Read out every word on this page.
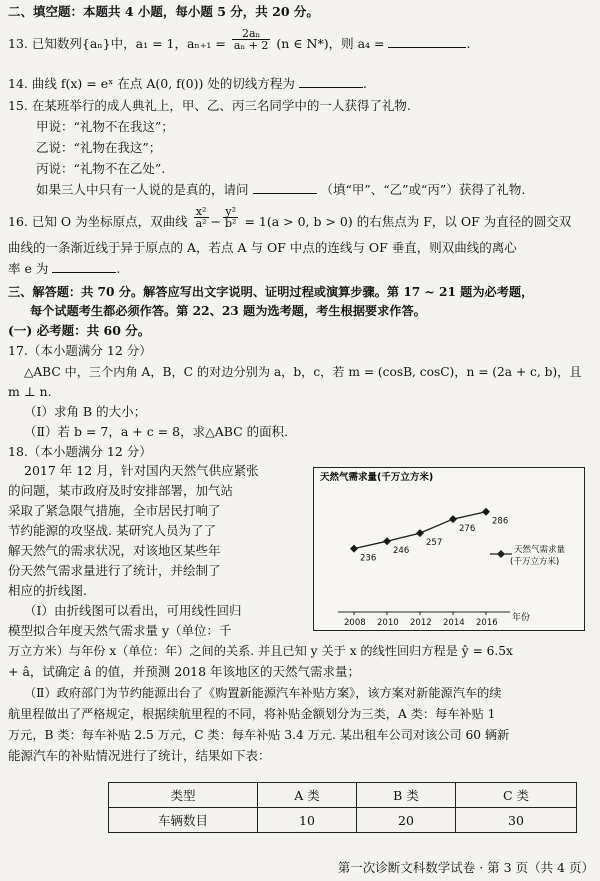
二、填空题：本题共 4 小题，每小题 5 分，共 20 分。
13. 已知数列{aₙ}中，a₁ = 1，$a_{n+1} = \frac{\text{2aₙ}}{\text{aₙ + 2}} (n$ ∈ N*)，则 a₄ =	.
14. 曲线 f(x) = eˣ 在点 A(0, f(0)) 处的切线方程为	.
15. 在某班举行的成人典礼上，甲、乙、丙三名同学中的一人获得了礼物.
甲说：“礼物不在我这”；
乙说：“礼物在我这”；
丙说：“礼物不在乙处”.
如果三人中只有一人说的是真的，请问	（填“甲”、“乙”或“丙”）获得了礼物.
16. 已知 O 为坐标原点，双曲线 $\frac{\text{x²}}{\text{a²}} - \frac{\text{y²}}{\text{b²}} = 1(a > 0$, b > 0) 的右焦点为 F，以 OF 为直径的圆交双
曲线的一条渐近线于异于原点的 A，若点 A 与 OF 中点的连线与 OF 垂直，则双曲线的离心
率 e 为	.
三、解答题：共 70 分。解答应写出文字说明、证明过程或演算步骤。第 17 ~ 21 题为必考题，
每个试题考生都必须作答。第 22、23 题为选考题，考生根据要求作答。
(一) 必考题：共 60 分。
17.（本小题满分 12 分）
△ABC 中，三个内角 A，B，C 的对边分别为 a，b，c，若 m = (cosB, cosC)，n = (2a + c, b)，且
m ⊥ n.
（Ⅰ）求角 B 的大小；
（Ⅱ）若 b = 7，a + c = 8，求△ABC 的面积.
18.（本小题满分 12 分）
2017 年 12 月，针对国内天然气供应紧张
的问题，某市政府及时安排部署，加气站
采取了紧急限气措施，全市居民打响了
节约能源的攻坚战. 某研究人员为了了
解天然气的需求状况，对该地区某些年
份天然气需求量进行了统计，并绘制了
相应的折线图.
（Ⅰ）由折线图可以看出，可用线性回归
模型拟合年度天然气需求量 y（单位：千
天然气需求量(千万立方米)
年份
236
2008
246
2010
257
2012
276
2014
286
2016
天然气需求量
(千万立方米)
万立方米）与年份 x（单位：年）之间的关系. 并且已知 y 关于 x 的线性回归方程是 ŷ = 6.5x
+ â，试确定 â 的值，并预测 2018 年该地区的天然气需求量；
（Ⅱ）政府部门为节约能源出台了《购置新能源汽车补贴方案》，该方案对新能源汽车的续
航里程做出了严格规定，根据续航里程的不同，将补贴金额划分为三类，A 类：每车补贴 1
万元，B 类：每车补贴 2.5 万元，C 类：每车补贴 3.4 万元. 某出租车公司对该公司 60 辆新
能源汽车的补贴情况进行了统计，结果如下表：
类型	A 类	B 类	C 类
车辆数目	10	20	30
第一次诊断文科数学试卷 · 第 3 页（共 4 页）
